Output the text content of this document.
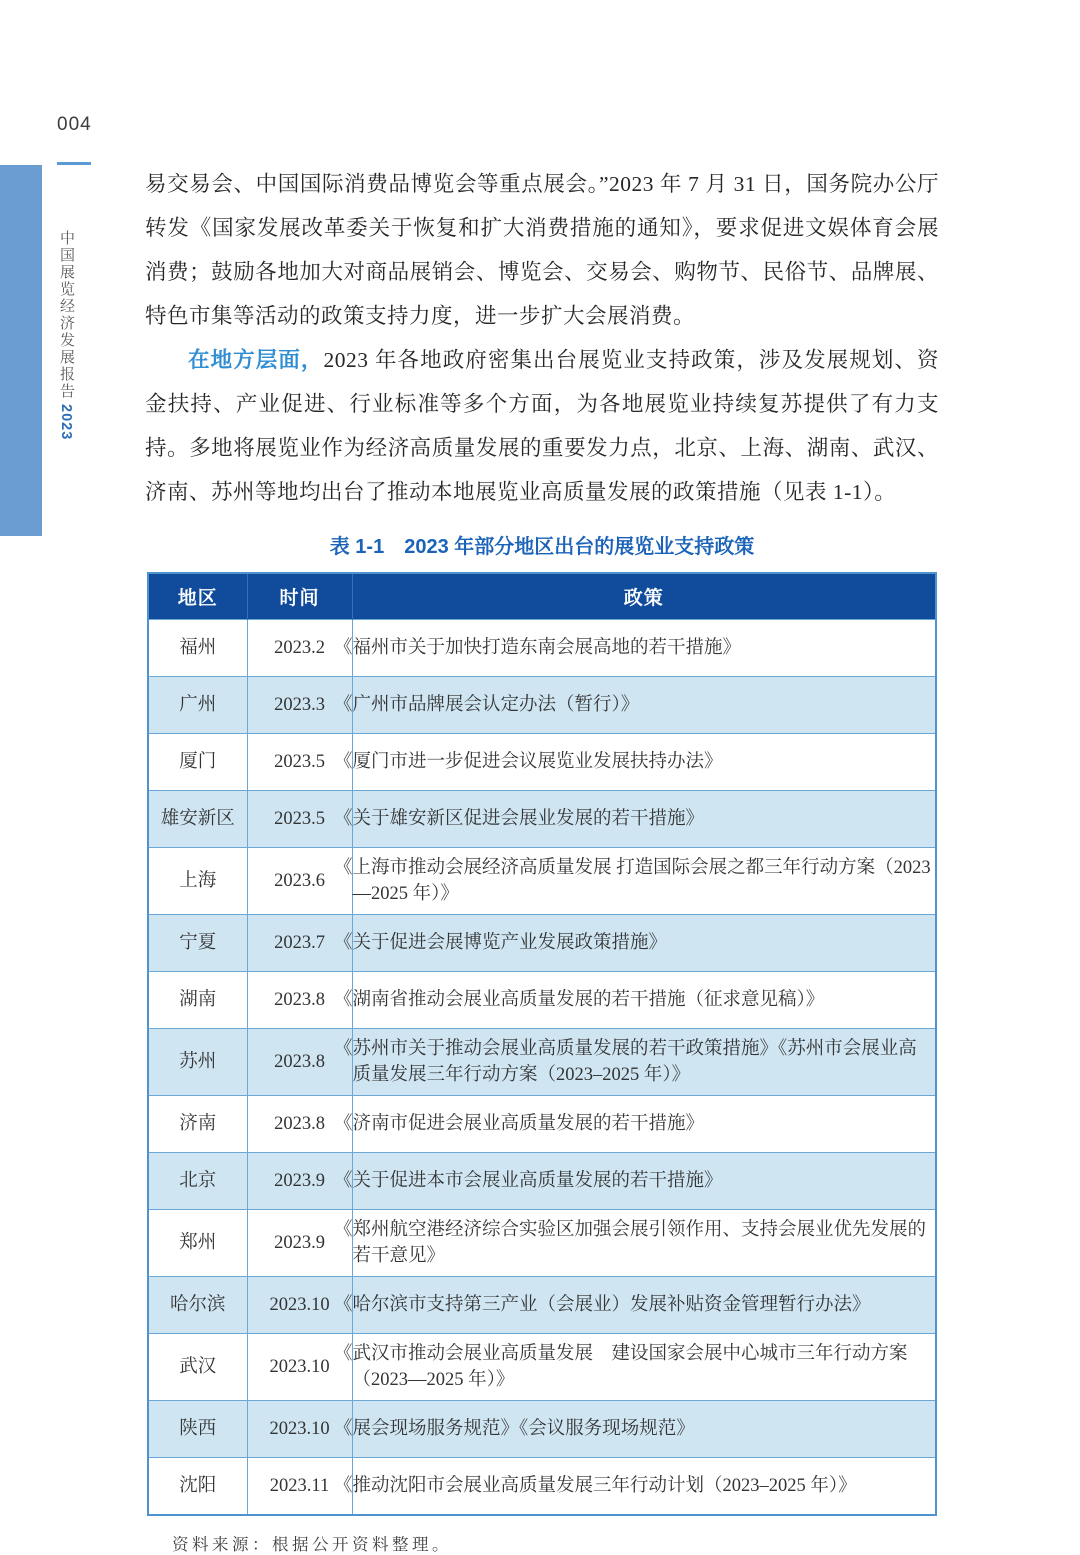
004
中国展览经济发展报告2023

易交易会、中国国际消费品博览会等重点展会。”2023 年 7 月 31 日，国务院办公厅转发《国家发展改革委关于恢复和扩大消费措施的通知》，要求促进文娱体育会展消费；鼓励各地加大对商品展销会、博览会、交易会、购物节、民俗节、品牌展、特色市集等活动的政策支持力度，进一步扩大会展消费。

在地方层面，2023 年各地政府密集出台展览业支持政策，涉及发展规划、资金扶持、产业促进、行业标准等多个方面，为各地展览业持续复苏提供了有力支持。多地将展览业作为经济高质量发展的重要发力点，北京、上海、湖南、武汉、济南、苏州等地均出台了推动本地展览业高质量发展的政策措施（见表 1-1）。

表 1-1　2023 年部分地区出台的展览业支持政策
地区	时间	政策
福州	2023.2	《福州市关于加快打造东南会展高地的若干措施》
广州	2023.3	《广州市品牌展会认定办法（暂行）》
厦门	2023.5	《厦门市进一步促进会议展览业发展扶持办法》
雄安新区	2023.5	《关于雄安新区促进会展业发展的若干措施》
上海	2023.6	《上海市推动会展经济高质量发展 打造国际会展之都三年行动方案（2023—2025 年）》
宁夏	2023.7	《关于促进会展博览产业发展政策措施》
湖南	2023.8	《湖南省推动会展业高质量发展的若干措施（征求意见稿）》
苏州	2023.8	《苏州市关于推动会展业高质量发展的若干政策措施》《苏州市会展业高质量发展三年行动方案（2023–2025 年）》
济南	2023.8	《济南市促进会展业高质量发展的若干措施》
北京	2023.9	《关于促进本市会展业高质量发展的若干措施》
郑州	2023.9	《郑州航空港经济综合实验区加强会展引领作用、支持会展业优先发展的若干意见》
哈尔滨	2023.10	《哈尔滨市支持第三产业（会展业）发展补贴资金管理暂行办法》
武汉	2023.10	《武汉市推动会展业高质量发展　建设国家会展中心城市三年行动方案（2023—2025 年）》
陕西	2023.10	《展会现场服务规范》《会议服务现场规范》
沈阳	2023.11	《推动沈阳市会展业高质量发展三年行动计划（2023–2025 年）》
资料来源：根据公开资料整理。
